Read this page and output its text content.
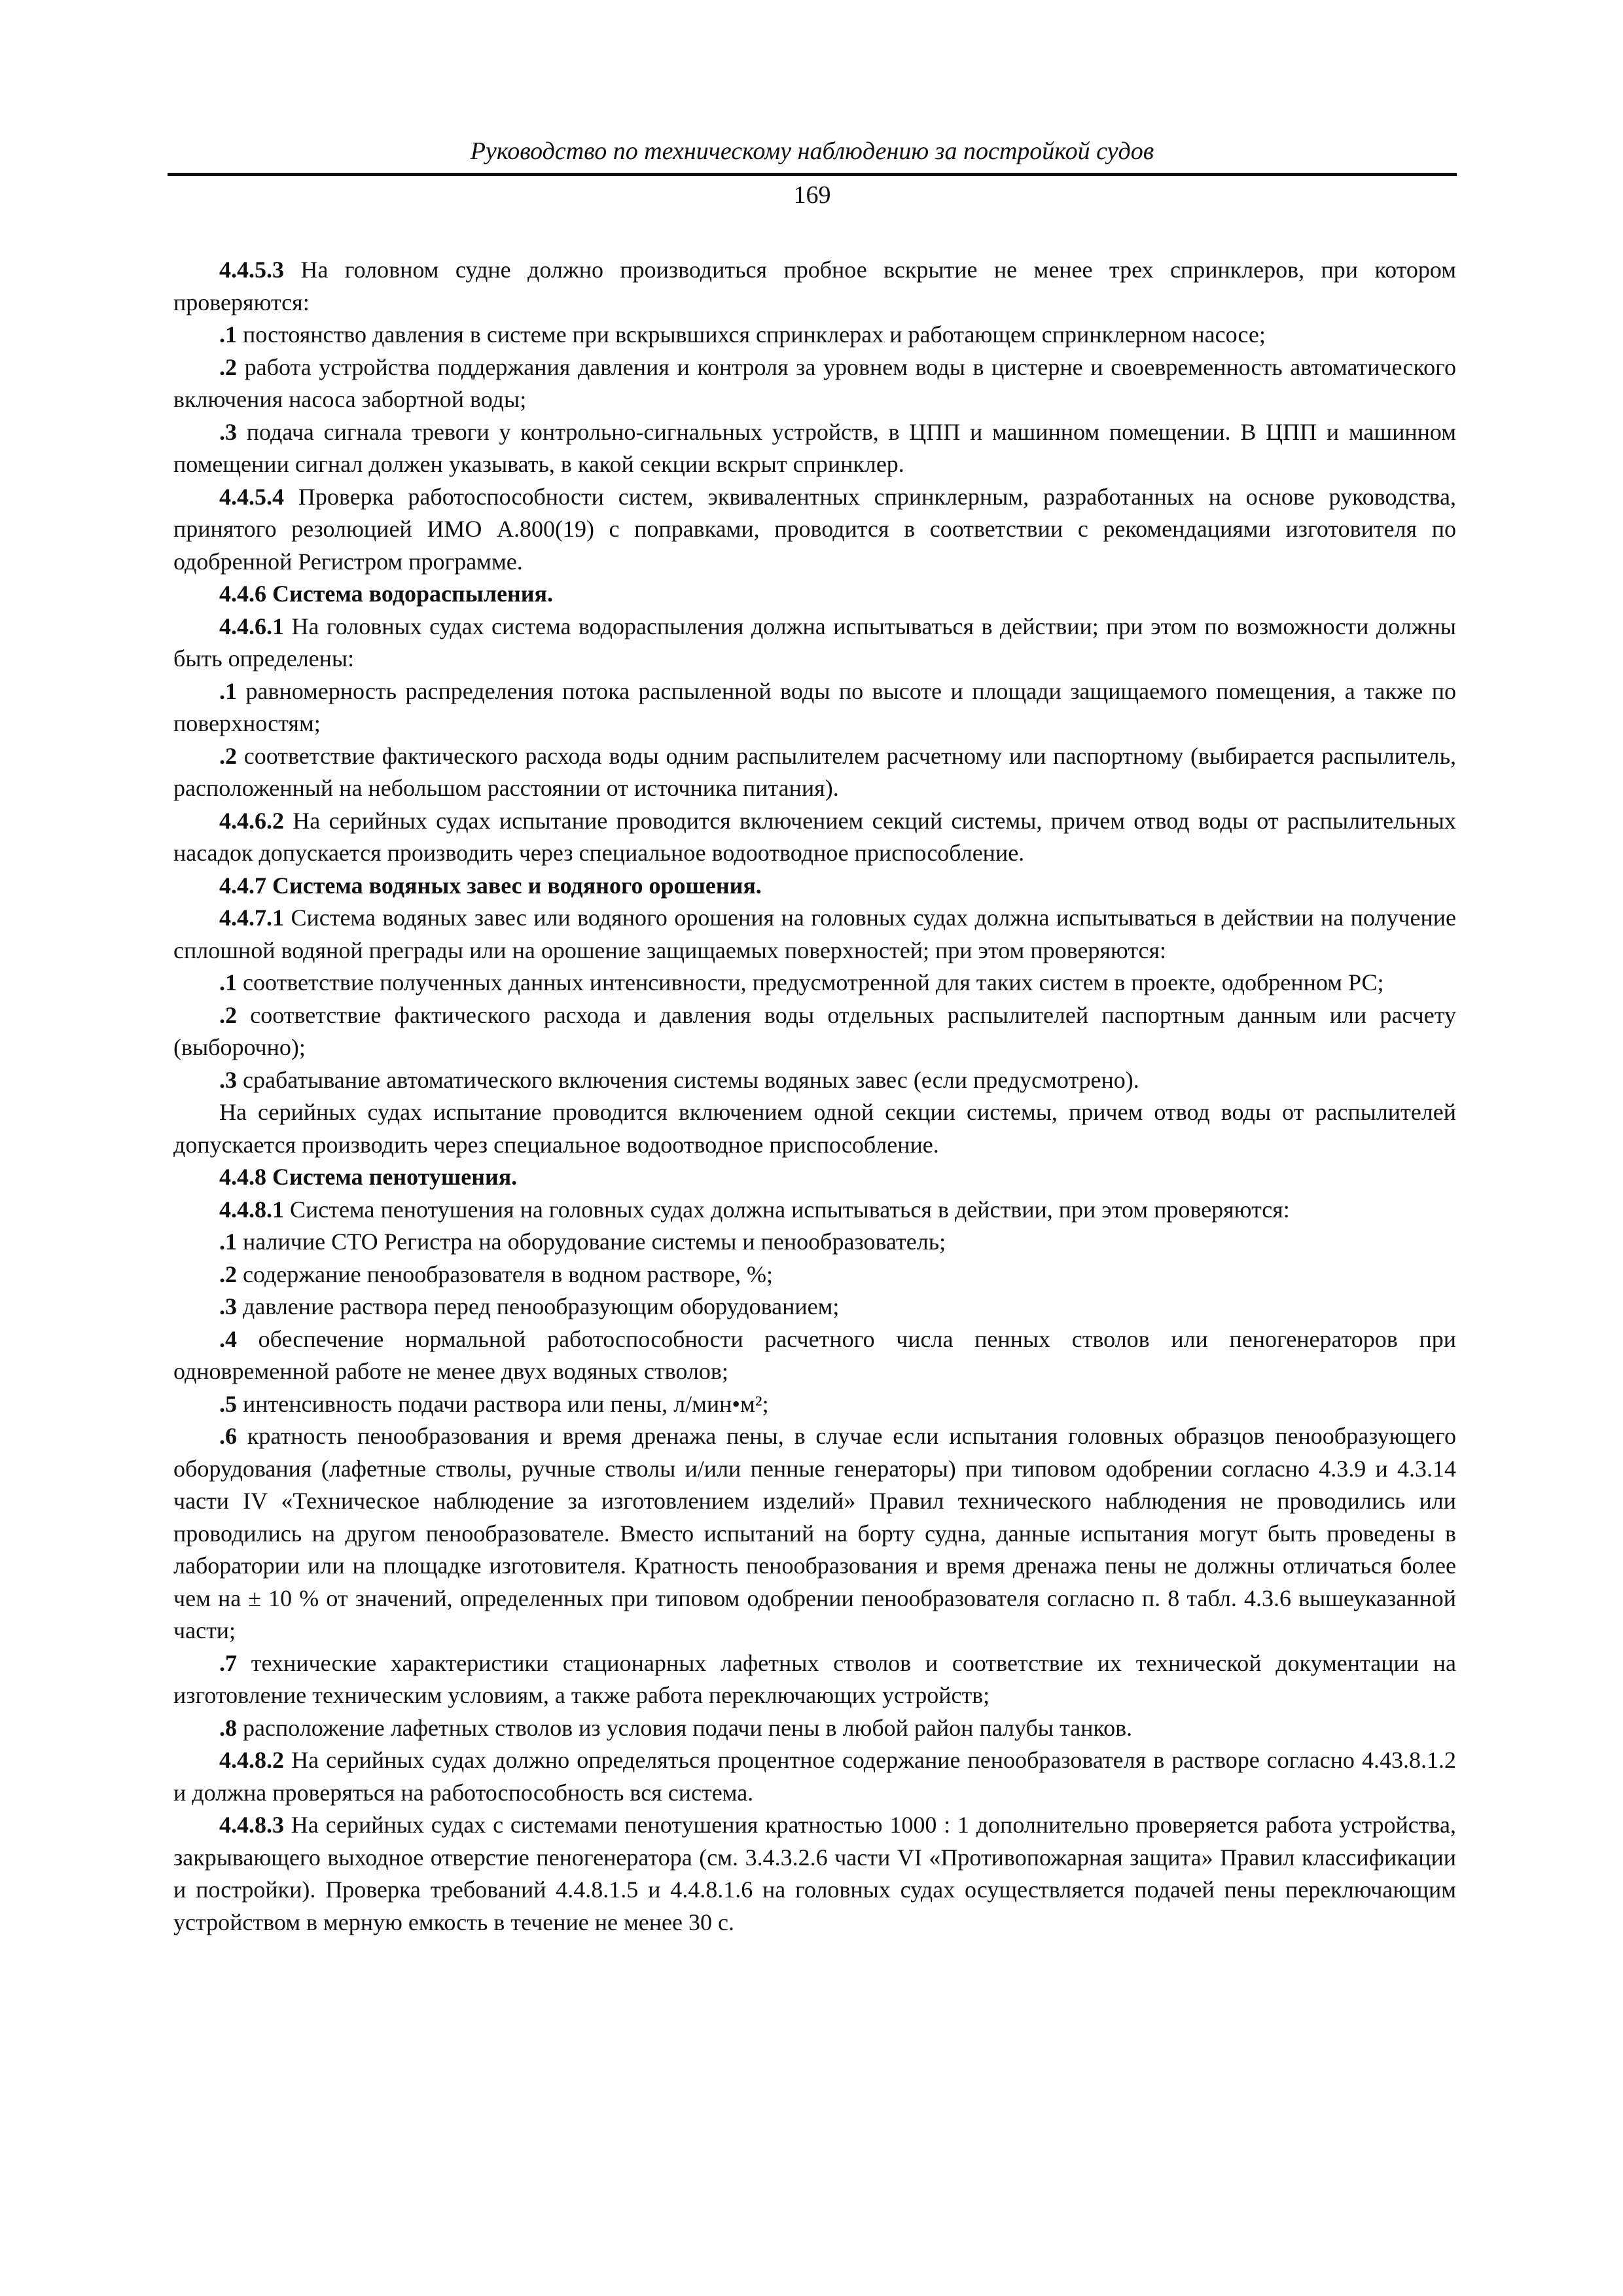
Руководство по техническому наблюдению за постройкой судов
169

4.4.5.3 На головном судне должно производиться пробное вскрытие не менее трех спринклеров, при котором проверяются:

.1 постоянство давления в системе при вскрывшихся спринклерах и работающем спринклерном насосе;

.2 работа устройства поддержания давления и контроля за уровнем воды в цистерне и своевременность автоматического включения насоса забортной воды;

.3 подача сигнала тревоги у контрольно-сигнальных устройств, в ЦПП и машинном помещении. В ЦПП и машинном помещении сигнал должен указывать, в какой секции вскрыт спринклер.

4.4.5.4 Проверка работоспособности систем, эквивалентных спринклерным, разработанных на основе руководства, принятого резолюцией ИМО А.800(19) с поправками, проводится в соответствии с рекомендациями изготовителя по одобренной Регистром программе.

4.4.6 Система водораспыления.

4.4.6.1 На головных судах система водораспыления должна испытываться в действии; при этом по возможности должны быть определены:

.1 равномерность распределения потока распыленной воды по высоте и площади защищаемого помещения, а также по поверхностям;

.2 соответствие фактического расхода воды одним распылителем расчетному или паспортному (выбирается распылитель, расположенный на небольшом расстоянии от источника питания).

4.4.6.2 На серийных судах испытание проводится включением секций системы, причем отвод воды от распылительных насадок допускается производить через специальное водоотводное приспособление.

4.4.7 Система водяных завес и водяного орошения.

4.4.7.1 Система водяных завес или водяного орошения на головных судах должна испытываться в действии на получение сплошной водяной преграды или на орошение защищаемых поверхностей; при этом проверяются:

.1 соответствие полученных данных интенсивности, предусмотренной для таких систем в проекте, одобренном РС;

.2 соответствие фактического расхода и давления воды отдельных распылителей паспортным данным или расчету (выборочно);

.3 срабатывание автоматического включения системы водяных завес (если предусмотрено).

На серийных судах испытание проводится включением одной секции системы, причем отвод воды от распылителей допускается производить через специальное водоотводное приспособление.

4.4.8 Система пенотушения.

4.4.8.1 Система пенотушения на головных судах должна испытываться в действии, при этом проверяются:

.1 наличие СТО Регистра на оборудование системы и пенообразователь;

.2 содержание пенообразователя в водном растворе, %;

.3 давление раствора перед пенообразующим оборудованием;

.4 обеспечение нормальной работоспособности расчетного числа пенных стволов или пеногенераторов при одновременной работе не менее двух водяных стволов;

.5 интенсивность подачи раствора или пены, л/мин•м²;

.6 кратность пенообразования и время дренажа пены, в случае если испытания головных образцов пенообразующего оборудования (лафетные стволы, ручные стволы и/или пенные генераторы) при типовом одобрении согласно 4.3.9 и 4.3.14 части IV «Техническое наблюдение за изготовлением изделий» Правил технического наблюдения не проводились или проводились на другом пенообразователе. Вместо испытаний на борту судна, данные испытания могут быть проведены в лаборатории или на площадке изготовителя. Кратность пенообразования и время дренажа пены не должны отличаться более чем на ± 10 % от значений, определенных при типовом одобрении пенообразователя согласно п. 8 табл. 4.3.6 вышеуказанной части;

.7 технические характеристики стационарных лафетных стволов и соответствие их технической документации на изготовление техническим условиям, а также работа переключающих устройств;

.8 расположение лафетных стволов из условия подачи пены в любой район палубы танков.

4.4.8.2 На серийных судах должно определяться процентное содержание пенообразователя в растворе согласно 4.43.8.1.2 и должна проверяться на работоспособность вся система.

4.4.8.3 На серийных судах с системами пенотушения кратностью 1000 : 1 дополнительно проверяется работа устройства, закрывающего выходное отверстие пеногенератора (см. 3.4.3.2.6 части VI «Противопожарная защита» Правил классификации и постройки). Проверка требований 4.4.8.1.5 и 4.4.8.1.6 на головных судах осуществляется подачей пены переключающим устройством в мерную емкость в течение не менее 30 с.
